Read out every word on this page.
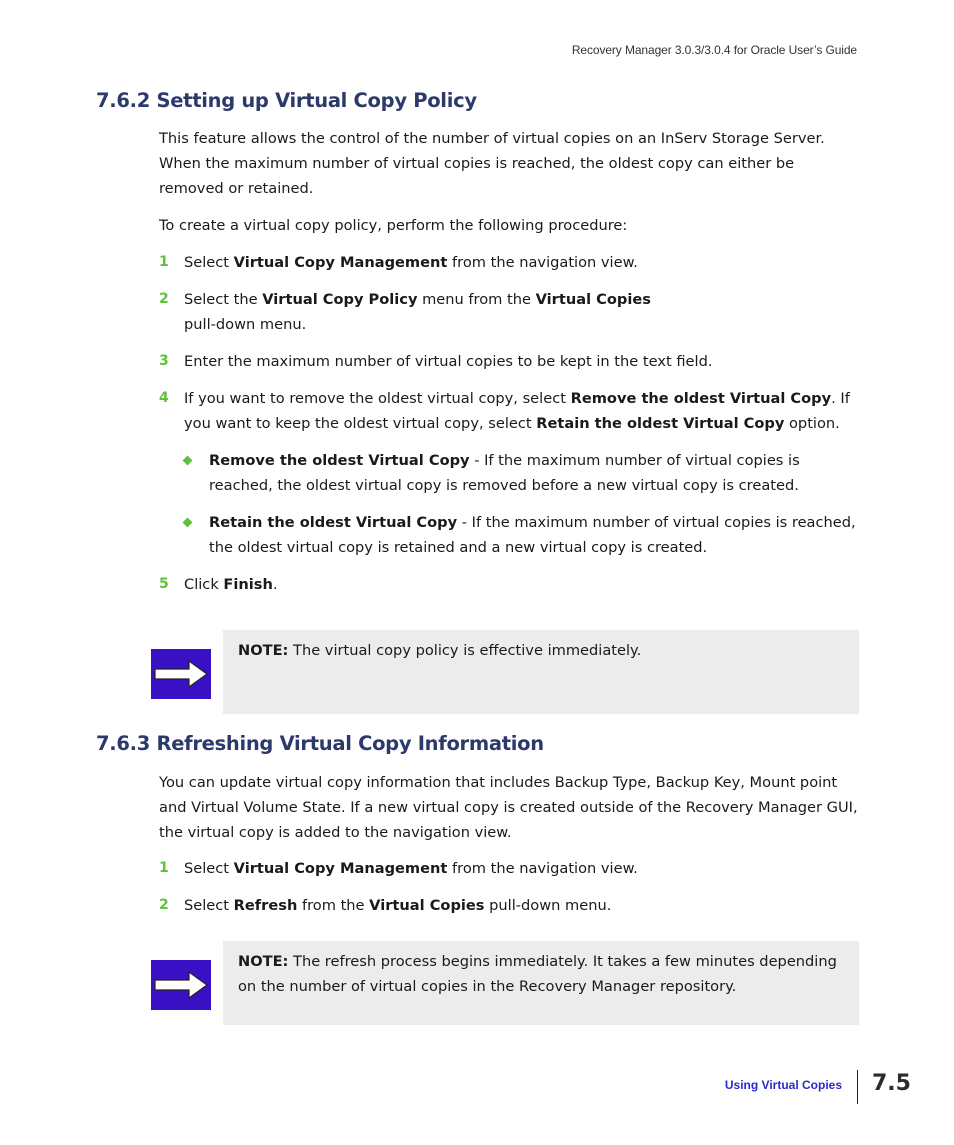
Recovery Manager 3.0.3/3.0.4 for Oracle User’s Guide
7.6.2 Setting up Virtual Copy Policy

This feature allows the control of the number of virtual copies on an InServ Storage Server. When the maximum number of virtual copies is reached, the oldest copy can either be removed or retained.

To create a virtual copy policy, perform the following procedure:

1 Select Virtual Copy Management from the navigation view.
2 Select the Virtual Copy Policy menu from the Virtual Copies pull-down menu.
3 Enter the maximum number of virtual copies to be kept in the text field.
4 If you want to remove the oldest virtual copy, select Remove the oldest Virtual Copy. If you want to keep the oldest virtual copy, select Retain the oldest Virtual Copy option.
Remove the oldest Virtual Copy - If the maximum number of virtual copies is reached, the oldest virtual copy is removed before a new virtual copy is created.
Retain the oldest Virtual Copy - If the maximum number of virtual copies is reached, the oldest virtual copy is retained and a new virtual copy is created.
5 Click Finish.
NOTE: The virtual copy policy is effective immediately.
7.6.3 Refreshing Virtual Copy Information

You can update virtual copy information that includes Backup Type, Backup Key, Mount point and Virtual Volume State. If a new virtual copy is created outside of the Recovery Manager GUI, the virtual copy is added to the navigation view.

1 Select Virtual Copy Management from the navigation view.
2 Select Refresh from the Virtual Copies pull-down menu.
NOTE: The refresh process begins immediately. It takes a few minutes depending on the number of virtual copies in the Recovery Manager repository.
Using Virtual Copies 7.5
